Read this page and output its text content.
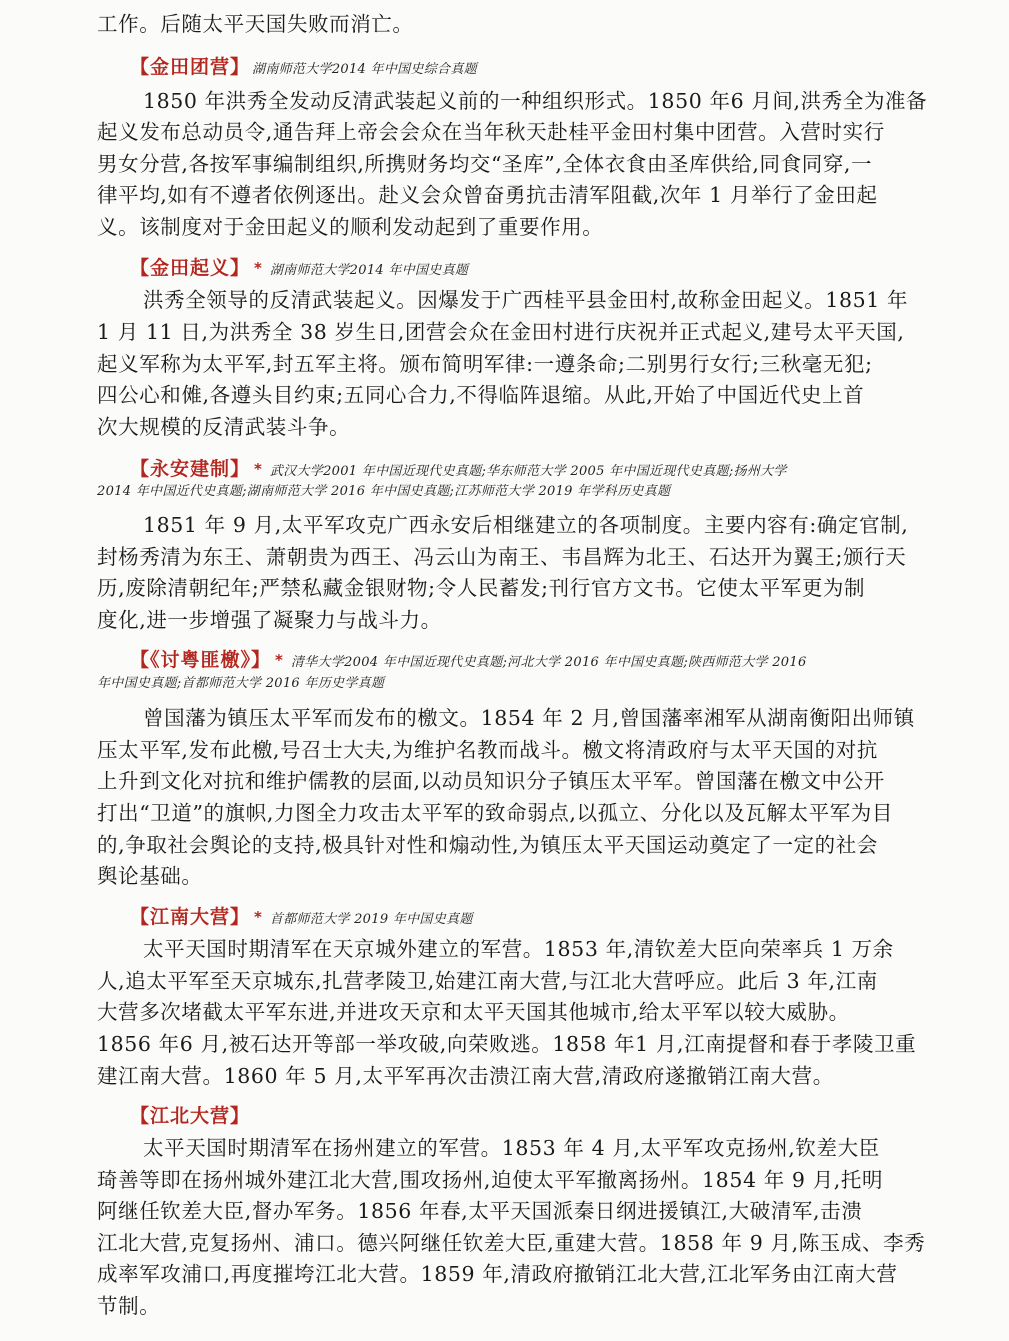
工作。后随太平天国失败而消亡。
【金田团营】 湖南师范大学2014 年中国史综合真题
1850 年洪秀全发动反清武装起义前的一种组织形式。1850 年6 月间,洪秀全为准备
起义发布总动员令,通告拜上帝会会众在当年秋天赴桂平金田村集中团营。入营时实行
男女分营,各按军事编制组织,所携财务均交“圣库”,全体衣食由圣库供给,同食同穿,一
律平均,如有不遵者依例逐出。赴义会众曾奋勇抗击清军阻截,次年 1 月举行了金田起
义。该制度对于金田起义的顺利发动起到了重要作用。
【金田起义】 * 湖南师范大学2014 年中国史真题
洪秀全领导的反清武装起义。因爆发于广西桂平县金田村,故称金田起义。1851 年
1 月 11 日,为洪秀全 38 岁生日,团营会众在金田村进行庆祝并正式起义,建号太平天国,
起义军称为太平军,封五军主将。颁布简明军律:一遵条命;二别男行女行;三秋毫无犯;
四公心和傩,各遵头目约束;五同心合力,不得临阵退缩。从此,开始了中国近代史上首
次大规模的反清武装斗争。
【永安建制】 * 武汉大学2001 年中国近现代史真题;华东师范大学 2005 年中国近现代史真题;扬州大学
2014 年中国近代史真题;湖南师范大学 2016 年中国史真题;江苏师范大学 2019 年学科历史真题
1851 年 9 月,太平军攻克广西永安后相继建立的各项制度。主要内容有:确定官制,
封杨秀清为东王、萧朝贵为西王、冯云山为南王、韦昌辉为北王、石达开为翼王;颁行天
历,废除清朝纪年;严禁私藏金银财物;令人民蓄发;刊行官方文书。它使太平军更为制
度化,进一步增强了凝聚力与战斗力。
【《讨粤匪檄》】 * 清华大学2004 年中国近现代史真题;河北大学 2016 年中国史真题;陕西师范大学 2016
年中国史真题;首都师范大学 2016 年历史学真题
曾国藩为镇压太平军而发布的檄文。1854 年 2 月,曾国藩率湘军从湖南衡阳出师镇
压太平军,发布此檄,号召士大夫,为维护名教而战斗。檄文将清政府与太平天国的对抗
上升到文化对抗和维护儒教的层面,以动员知识分子镇压太平军。曾国藩在檄文中公开
打出“卫道”的旗帜,力图全力攻击太平军的致命弱点,以孤立、分化以及瓦解太平军为目
的,争取社会舆论的支持,极具针对性和煽动性,为镇压太平天国运动奠定了一定的社会
舆论基础。
【江南大营】 * 首都师范大学 2019 年中国史真题
太平天国时期清军在天京城外建立的军营。1853 年,清钦差大臣向荣率兵 1 万余
人,追太平军至天京城东,扎营孝陵卫,始建江南大营,与江北大营呼应。此后 3 年,江南
大营多次堵截太平军东进,并进攻天京和太平天国其他城市,给太平军以较大威胁。
1856 年6 月,被石达开等部一举攻破,向荣败逃。1858 年1 月,江南提督和春于孝陵卫重
建江南大营。1860 年 5 月,太平军再次击溃江南大营,清政府遂撤销江南大营。
【江北大营】
太平天国时期清军在扬州建立的军营。1853 年 4 月,太平军攻克扬州,钦差大臣
琦善等即在扬州城外建江北大营,围攻扬州,迫使太平军撤离扬州。1854 年 9 月,托明
阿继任钦差大臣,督办军务。1856 年春,太平天国派秦日纲进援镇江,大破清军,击溃
江北大营,克复扬州、浦口。德兴阿继任钦差大臣,重建大营。1858 年 9 月,陈玉成、李秀
成率军攻浦口,再度摧垮江北大营。1859 年,清政府撤销江北大营,江北军务由江南大营
节制。
